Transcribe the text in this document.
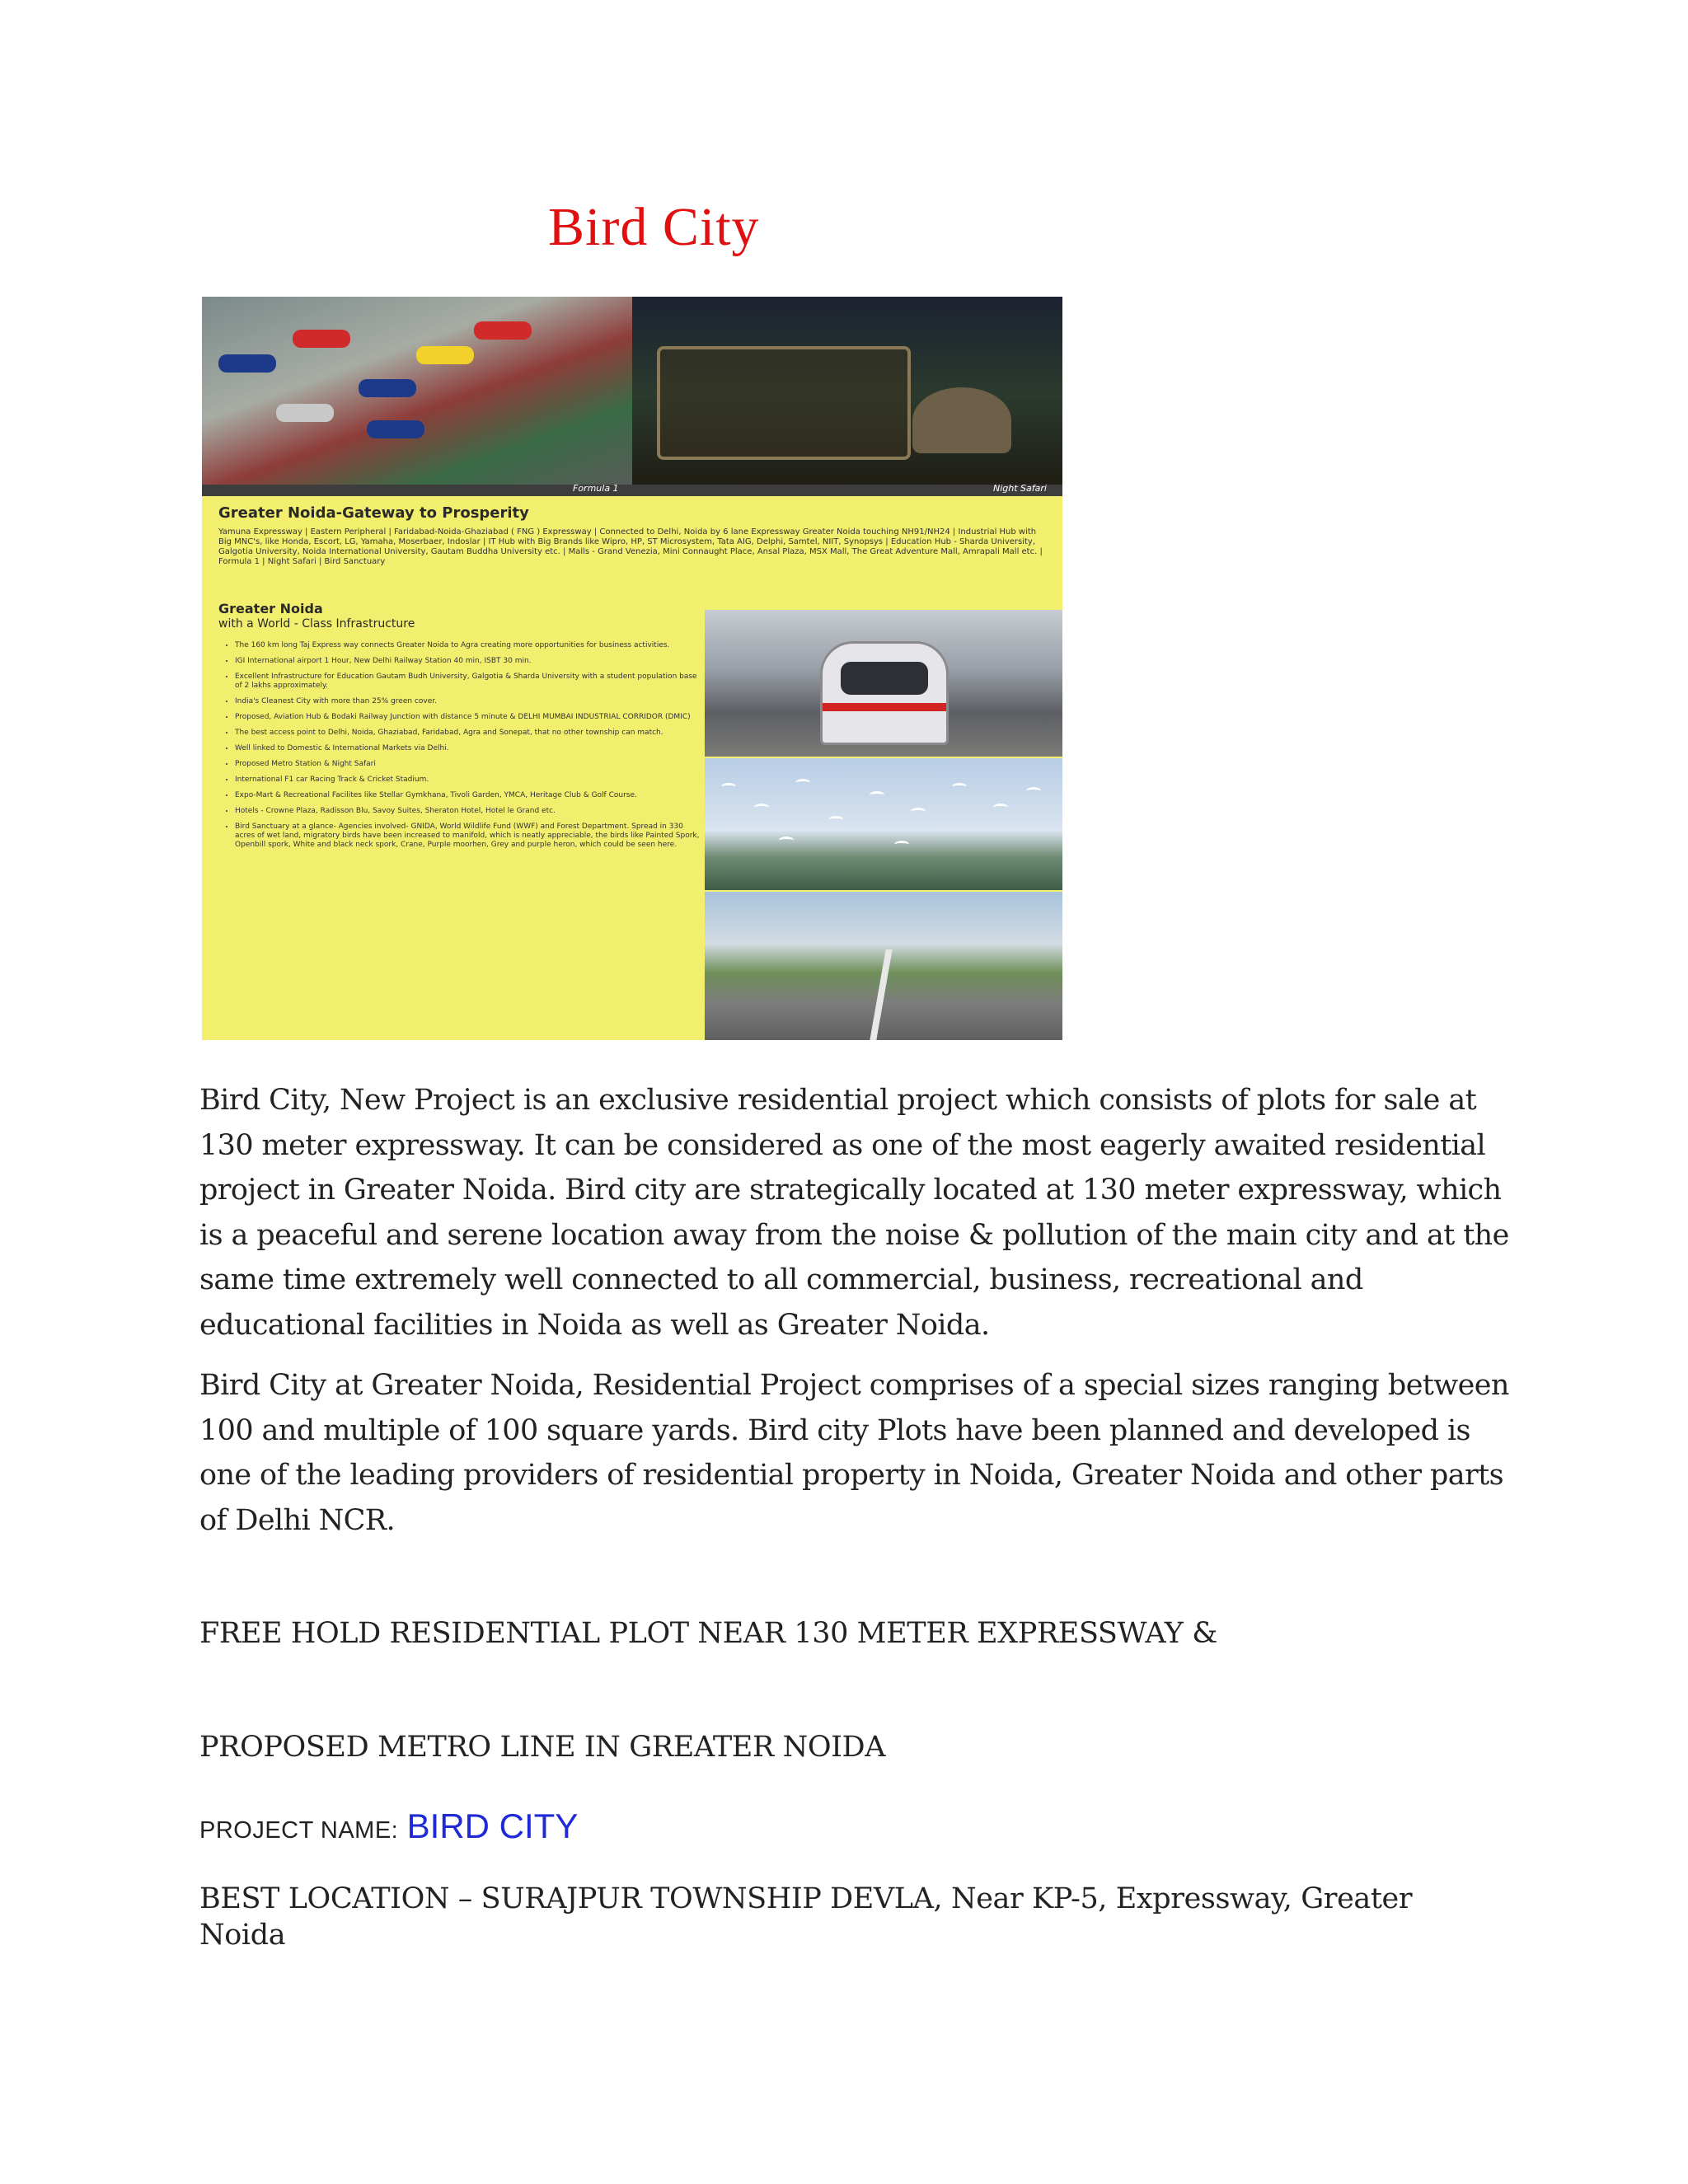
Bird City
Formula 1	Night Safari
Greater Noida-Gateway to Prosperity
Yamuna Expressway | Eastern Peripheral | Faridabad-Noida-Ghaziabad ( FNG ) Expressway | Connected to Delhi, Noida by 6 lane Expressway Greater Noida touching NH91/NH24 | Industrial Hub with Big MNC's, like Honda, Escort, LG, Yamaha, Moserbaer, Indoslar | IT Hub with Big Brands like Wipro, HP, ST Microsystem, Tata AIG, Delphi, Samtel, NIIT, Synopsys | Education Hub - Sharda University, Galgotia University, Noida International University, Gautam Buddha University etc. | Malls - Grand Venezia, Mini Connaught Place, Ansal Plaza, MSX Mall, The Great Adventure Mall, Amrapali Mall etc. | Formula 1 | Night Safari | Bird Sanctuary
Greater Noida
with a World - Class Infrastructure
• The 160 km long Taj Express way connects Greater Noida to Agra creating more opportunities for business activities.
• IGI International airport 1 Hour, New Delhi Railway Station 40 min, ISBT 30 min.
• Excellent Infrastructure for Education Gautam Budh University, Galgotia & Sharda University with a student population base of 2 lakhs approximately.
• India's Cleanest City with more than 25% green cover.
• Proposed, Aviation Hub & Bodaki Railway Junction with distance 5 minute & DELHI MUMBAI INDUSTRIAL CORRIDOR (DMIC)
• The best access point to Delhi, Noida, Ghaziabad, Faridabad, Agra and Sonepat, that no other township can match.
• Well linked to Domestic & International Markets via Delhi.
• Proposed Metro Station & Night Safari
• International F1 car Racing Track & Cricket Stadium.
• Expo-Mart & Recreational Facilites like Stellar Gymkhana, Tivoli Garden, YMCA, Heritage Club & Golf Course.
• Hotels - Crowne Plaza, Radisson Blu, Savoy Suites, Sheraton Hotel, Hotel le Grand etc.
• Bird Sanctuary at a glance- Agencies involved- GNIDA, World Wildlife Fund (WWF) and Forest Department. Spread in 330 acres of wet land, migratory birds have been increased to manifold, which is neatly appreciable, the birds like Painted Spork, Openbill spork, White and black neck spork, Crane, Purple moorhen, Grey and purple heron, which could be seen here.

Bird City, New Project is an exclusive residential project which consists of plots for sale at 130 meter expressway. It can be considered as one of the most eagerly awaited residential project in Greater Noida. Bird city are strategically located at 130 meter expressway, which is a peaceful and serene location away from the noise & pollution of the main city and at the same time extremely well connected to all commercial, business, recreational and educational facilities in Noida as well as Greater Noida.

Bird City at Greater Noida, Residential Project comprises of a special sizes ranging between 100 and multiple of 100 square yards. Bird city Plots have been planned and developed is one of the leading providers of residential property in Noida, Greater Noida and other parts of Delhi NCR.

FREE HOLD RESIDENTIAL PLOT NEAR 130 METER EXPRESSWAY &

PROPOSED METRO LINE IN GREATER NOIDA

PROJECT NAME: BIRD CITY

BEST LOCATION – SURAJPUR TOWNSHIP DEVLA, Near KP-5, Expressway, Greater Noida
